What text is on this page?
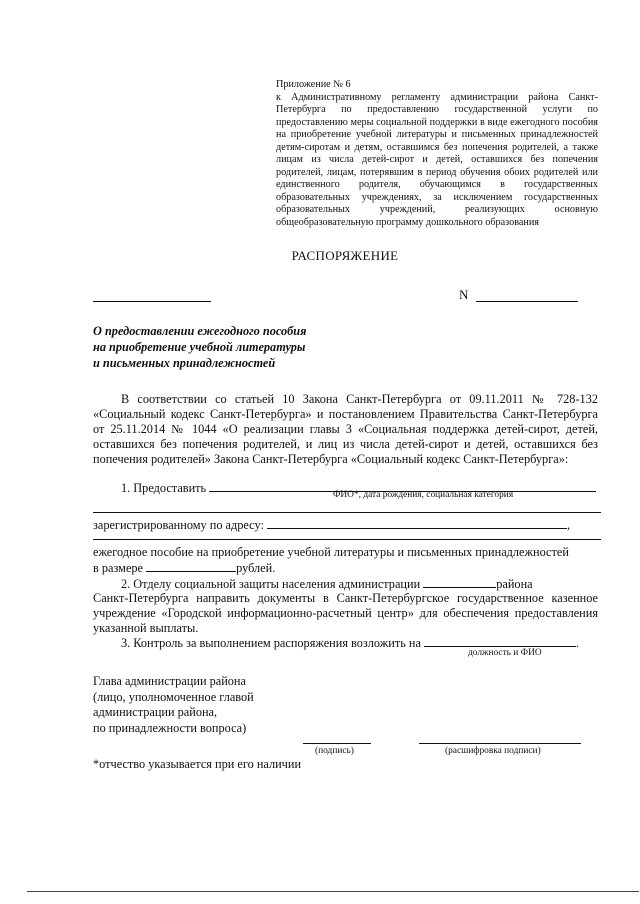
Приложение № 6
к Административному регламенту администрации района Санкт-Петербурга по предоставлению государственной услуги по предоставлению меры социальной поддержки в виде ежегодного пособия на приобретение учебной литературы и письменных принадлежностей детям-сиротам и детям, оставшимся без попечения родителей, а также лицам из числа детей-сирот и детей, оставшихся без попечения родителей, лицам, потерявшим в период обучения обоих родителей или единственного родителя, обучающимся в государственных образовательных учреждениях, за исключением государственных образовательных учреждений, реализующих основную общеобразовательную программу дошкольного образования
РАСПОРЯЖЕНИЕ
N
О предоставлении ежегодного пособия
на приобретение учебной литературы
и письменных принадлежностей
В соответствии со статьей 10 Закона Санкт-Петербурга от 09.11.2011 № 728-132 «Социальный кодекс Санкт-Петербурга» и постановлением Правительства Санкт-Петербурга от 25.11.2014 № 1044 «О реализации главы 3 «Социальная поддержка детей-сирот, детей, оставшихся без попечения родителей, и лиц из числа детей-сирот и детей, оставшихся без попечения родителей» Закона Санкт-Петербурга «Социальный кодекс Санкт-Петербурга»:
1. Предоставить	ФИО*, дата рождения, социальная категория
зарегистрированному по адресу:	,
ежегодное пособие на приобретение учебной литературы и письменных принадлежностей
в размере	рублей.
2. Отделу социальной защиты населения администрации	района
Санкт-Петербурга направить документы в Санкт-Петербургское государственное казенное учреждение «Городской информационно-расчетный центр» для обеспечения предоставления указанной выплаты.
3. Контроль за выполнением распоряжения возложить на	.
должность и ФИО
Глава администрации района
(лицо, уполномоченное главой
администрации района,
по принадлежности вопроса)
(подпись)	(расшифровка подписи)
*отчество указывается при его наличии
